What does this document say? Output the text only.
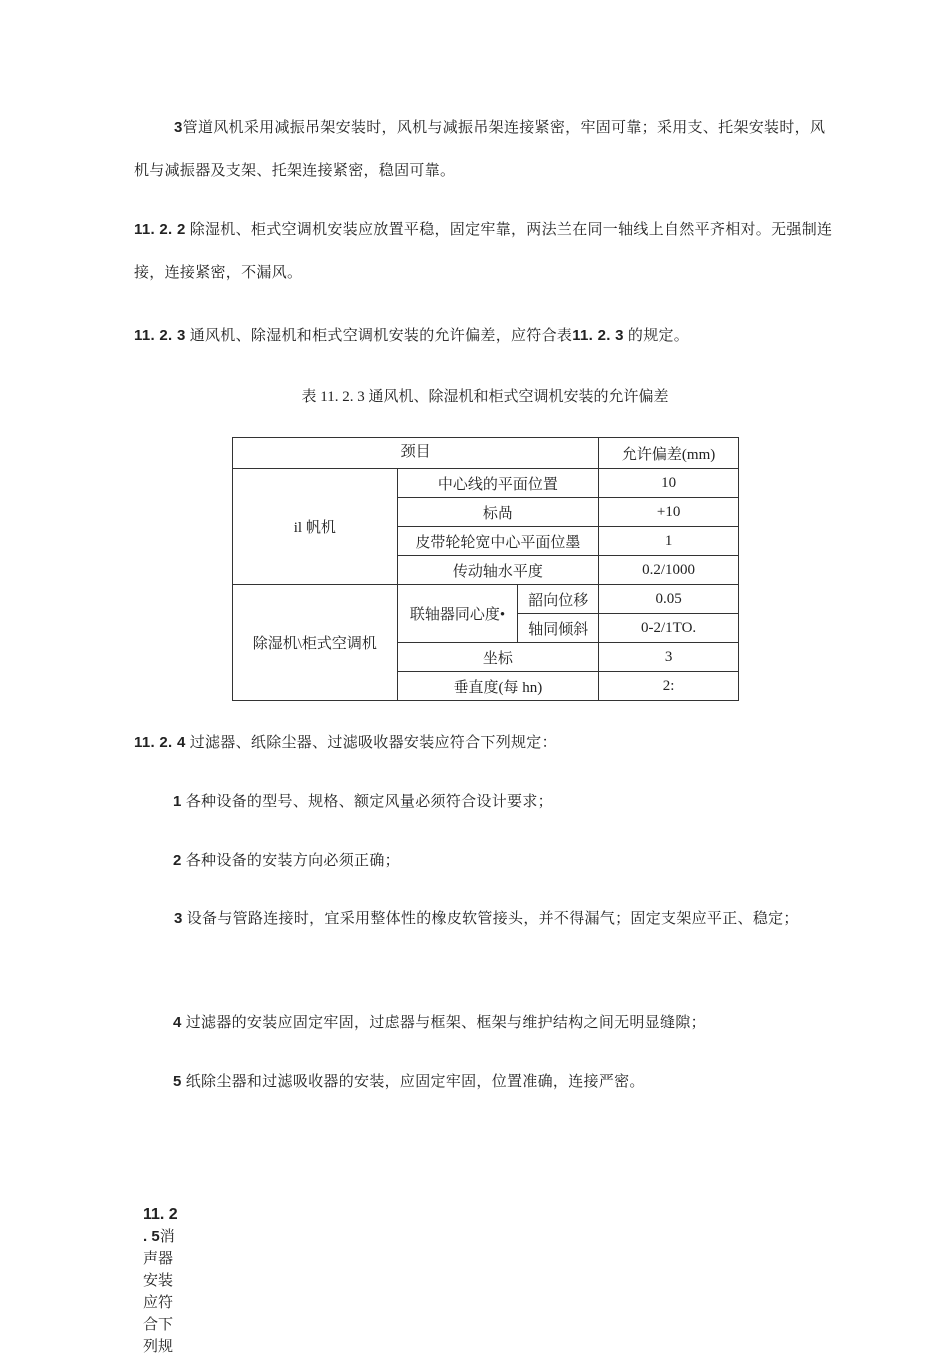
3管道风机采用减振吊架安装时，风机与减振吊架连接紧密，牢固可靠；采用支、托架安装时，风机与减振器及支架、托架连接紧密，稳固可靠。
11. 2. 2 除湿机、柜式空调机安装应放置平稳，固定牢靠，两法兰在同一轴线上自然平齐相对。无强制连接，连接紧密，不漏风。
11. 2. 3 通风机、除湿机和柜式空调机安装的允许偏差，应符合表11. 2. 3 的规定。
表 11. 2. 3 通风机、除湿机和柜式空调机安装的允许偏差
颈目			允许偏差(mm)
il 帆机	中心线的平面位置		10
	标咼		+10
	皮带轮轮宽中心平面位墨		1
	传动轴水平度		0.2/1000
除湿机\柜式空调机	联轴器同心度•	韶向位移	0.05
		轴同倾斜	0-2/1TO.
	坐标		3
	垂直度(每 hn)		2:
11. 2. 4 过滤器、纸除尘器、过滤吸收器安装应符合下列规定：
1 各种设备的型号、规格、额定风量必须符合设计要求；
2 各种设备的安装方向必须正确；
3 设备与管路连接时，宜采用整体性的橡皮软管接头，并不得漏气；固定支架应平正、稳定；
4 过滤器的安装应固定牢固，过虑器与框架、框架与维护结构之间无明显缝隙；
5 纸除尘器和过滤吸收器的安装，应固定牢固，位置准确，连接严密。
11. 2
. 5消声器安装应符合下列规
